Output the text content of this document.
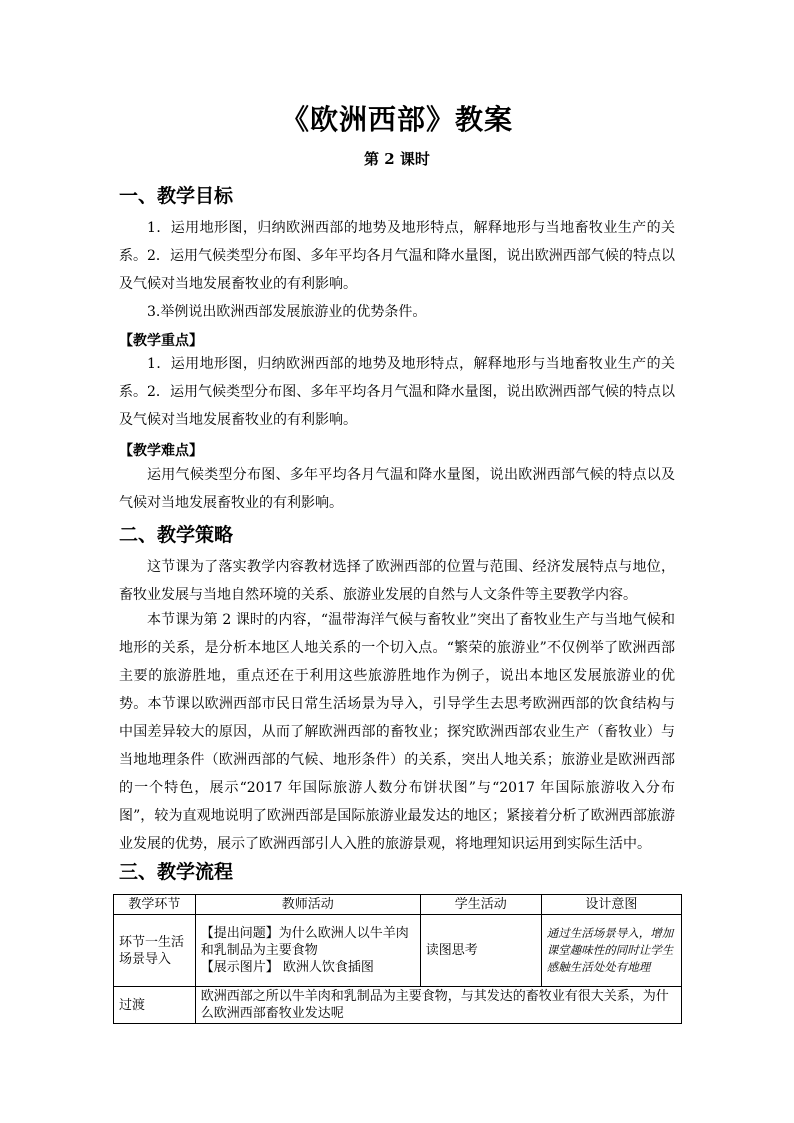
《欧洲西部》教案
第 2 课时
一、教学目标
1．运用地形图，归纳欧洲西部的地势及地形特点，解释地形与当地畜牧业生产的关系。 2．运用气候类型分布图、多年平均各月气温和降水量图，说出欧洲西部气候的特点以及气候对当地发展畜牧业的有利影响。
3.举例说出欧洲西部发展旅游业的优势条件。
【教学重点】
1．运用地形图，归纳欧洲西部的地势及地形特点，解释地形与当地畜牧业生产的关系。 2．运用气候类型分布图、多年平均各月气温和降水量图，说出欧洲西部气候的特点以及气候对当地发展畜牧业的有利影响。
【教学难点】
运用气候类型分布图、多年平均各月气温和降水量图，说出欧洲西部气候的特点以及气候对当地发展畜牧业的有利影响。
二、教学策略
这节课为了落实教学内容教材选择了欧洲西部的位置与范围、经济发展特点与地位，畜牧业发展与当地自然环境的关系、旅游业发展的自然与人文条件等主要教学内容。
本节课为第 2 课时的内容，“温带海洋气候与畜牧业”突出了畜牧业生产与当地气候和地形的关系，是分析本地区人地关系的一个切入点。“繁荣的旅游业”不仅例举了欧洲西部主要的旅游胜地，重点还在于利用这些旅游胜地作为例子，说出本地区发展旅游业的优势。本节课以欧洲西部市民日常生活场景为导入，引导学生去思考欧洲西部的饮食结构与中国差异较大的原因，从而了解欧洲西部的畜牧业；探究欧洲西部农业生产（畜牧业）与当地地理条件（欧洲西部的气候、地形条件）的关系，突出人地关系；旅游业是欧洲西部的一个特色，展示“2017 年国际旅游人数分布饼状图”与“2017 年国际旅游收入分布图”，较为直观地说明了欧洲西部是国际旅游业最发达的地区；紧接着分析了欧洲西部旅游业发展的优势，展示了欧洲西部引人入胜的旅游景观，将地理知识运用到实际生活中。
三、教学流程
教学环节	教师活动	学生活动	设计意图
环节一生活场景导入	【提出问题】为什么欧洲人以牛羊肉和乳制品为主要食物
【展示图片】 欧洲人饮食插图	读图思考	通过生活场景导入，增加课堂趣味性的同时让学生感触生活处处有地理
过渡	欧洲西部之所以牛羊肉和乳制品为主要食物，与其发达的畜牧业有很大关系，为什么欧洲西部畜牧业发达呢		
